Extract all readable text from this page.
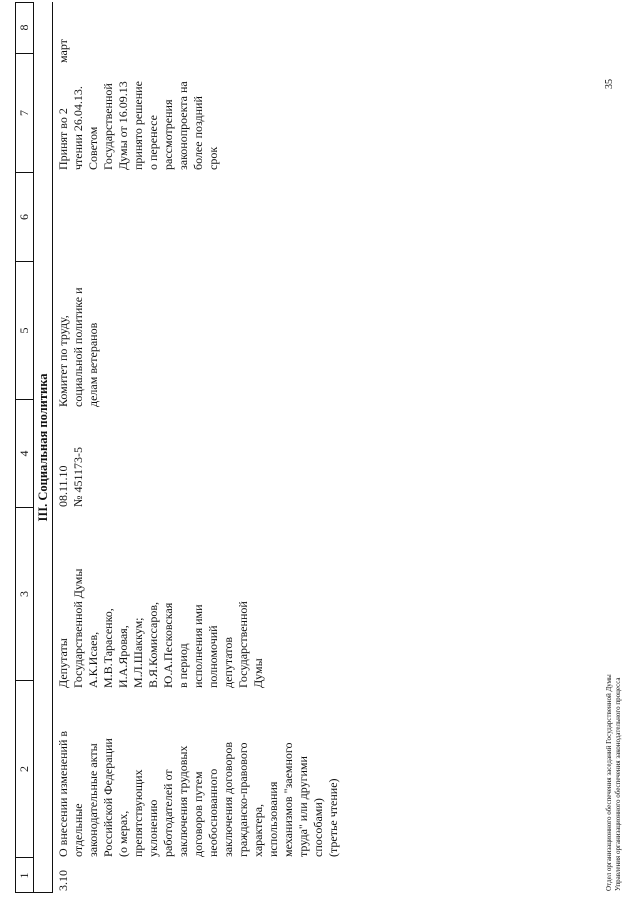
1
2
3
4
5
6
7
8
III. Социальная политика
3.10
О внесении изменений в
отдельные
законодательные акты
Российской Федерации
(о мерах,
препятствующих
уклонению
работодателей от
заключения трудовых
договоров путем
необоснованного
заключения договоров
гражданско-правового
характера,
использования
механизмов "заемного
труда" или другими
способами)
(третье чтение)
Депутаты
Государственной Думы
А.К.Исаев,
М.В.Тарасенко,
И.А.Яровая,
М.Л.Шаккум;
В.Я.Комиссаров,
Ю.А.Песковская
в период
исполнения ими
полномочий
депутатов
Государственной
Думы
08.11.10
№ 451173-5
Комитет по труду,
социальной политике и
делам ветеранов
Принят во 2
чтении 26.04.13.
Советом
Государственной
Думы от 16.09.13
принято решение
о перенесе
рассмотрения
законопроекта на
более поздний
срок
март
Отдел организационного обеспечения заседаний Государственной Думы Управления организационного обеспечения законодательного процесса
35
